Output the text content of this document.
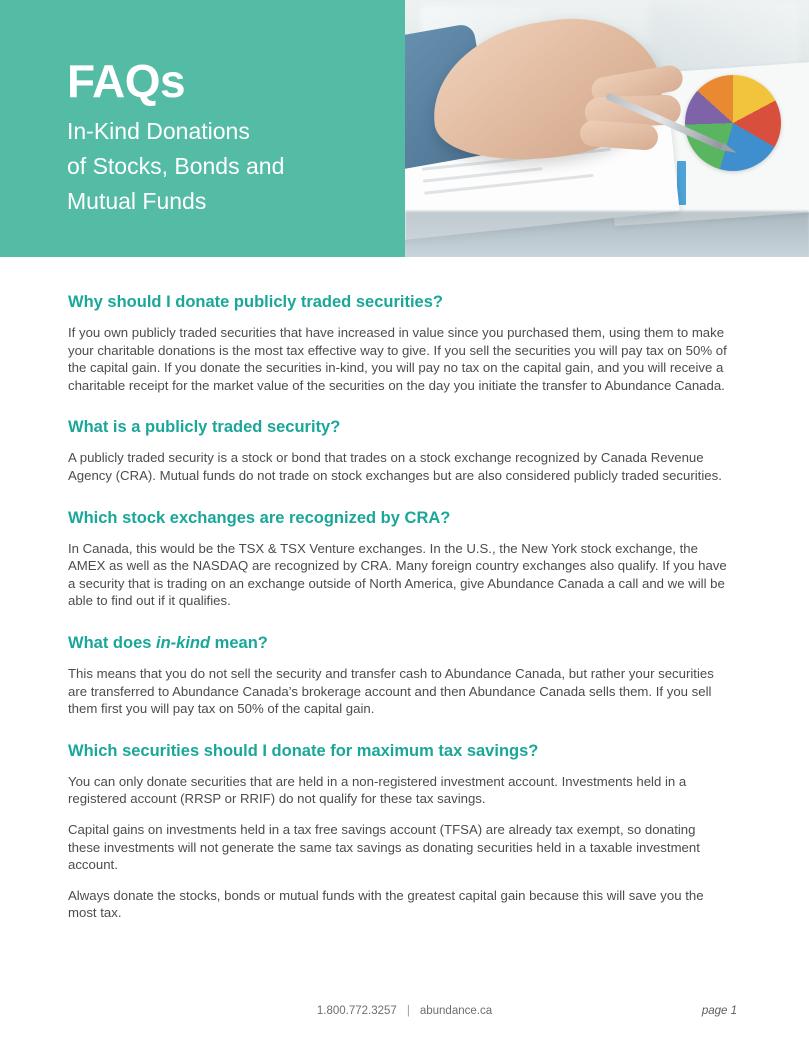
FAQs
In-Kind Donations
of Stocks, Bonds and
Mutual Funds
Why should I donate publicly traded securities?

If you own publicly traded securities that have increased in value since you purchased them, using them to make your charitable donations is the most tax effective way to give. If you sell the securities you will pay tax on 50% of the capital gain. If you donate the securities in-kind, you will pay no tax on the capital gain, and you will receive a charitable receipt for the market value of the securities on the day you initiate the transfer to Abundance Canada.

What is a publicly traded security?

A publicly traded security is a stock or bond that trades on a stock exchange recognized by Canada Revenue Agency (CRA). Mutual funds do not trade on stock exchanges but are also considered publicly traded securities.

Which stock exchanges are recognized by CRA?

In Canada, this would be the TSX & TSX Venture exchanges. In the U.S., the New York stock exchange, the AMEX as well as the NASDAQ are recognized by CRA. Many foreign country exchanges also qualify. If you have a security that is trading on an exchange outside of North America, give Abundance Canada a call and we will be able to find out if it qualifies.

What does in-kind mean?

This means that you do not sell the security and transfer cash to Abundance Canada, but rather your securities are transferred to Abundance Canada’s brokerage account and then Abundance Canada sells them. If you sell them first you will pay tax on 50% of the capital gain.

Which securities should I donate for maximum tax savings?

You can only donate securities that are held in a non-registered investment account. Investments held in a registered account (RRSP or RRIF) do not qualify for these tax savings.

Capital gains on investments held in a tax free savings account (TFSA) are already tax exempt, so donating these investments will not generate the same tax savings as donating securities held in a taxable investment account.

Always donate the stocks, bonds or mutual funds with the greatest capital gain because this will save you the most tax.

1.800.772.3257 | abundance.ca	page 1
